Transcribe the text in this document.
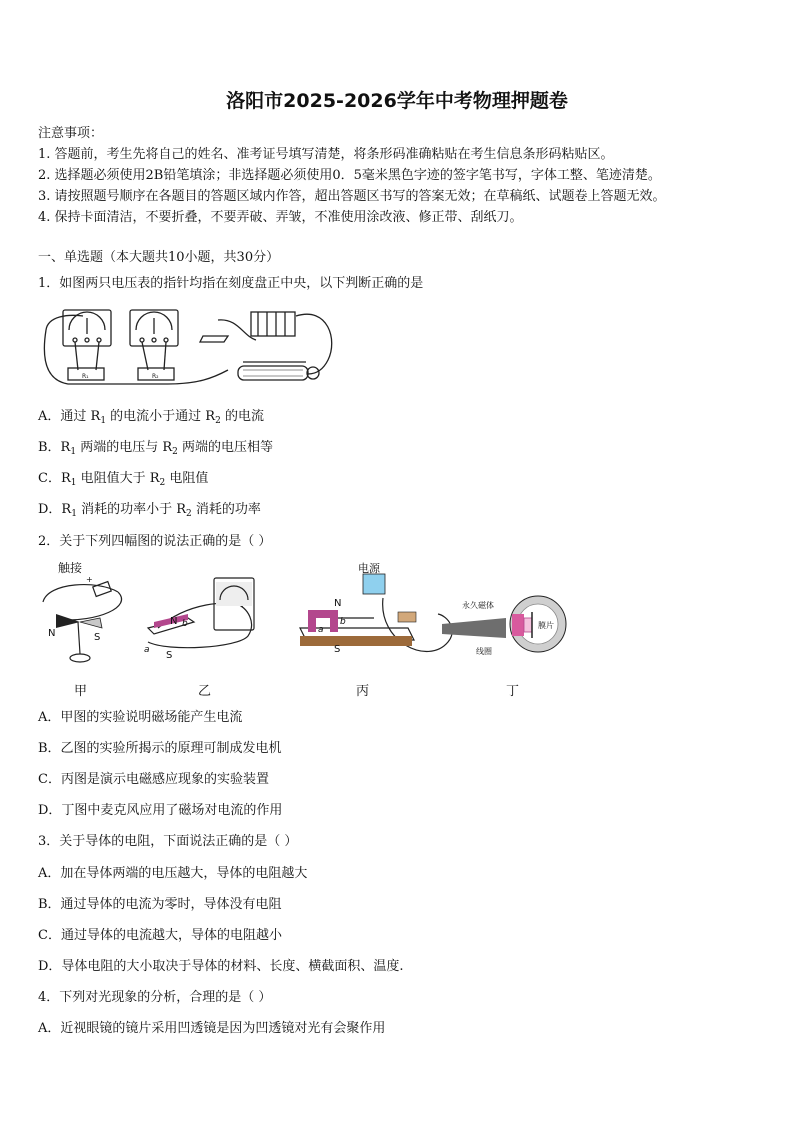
洛阳市2025-2026学年中考物理押题卷
注意事项：
1. 答题前，考生先将自己的姓名、准考证号填写清楚，将条形码准确粘贴在考生信息条形码粘贴区。
2. 选择题必须使用2B铅笔填涂；非选择题必须使用0．5毫米黑色字迹的签字笔书写，字体工整、笔迹清楚。
3. 请按照题号顺序在各题目的答题区域内作答，超出答题区书写的答案无效；在草稿纸、试题卷上答题无效。
4. 保持卡面清洁，不要折叠，不要弄破、弄皱，不准使用涂改液、修正带、刮纸刀。
一、单选题（本大题共10小题，共30分）
1．如图两只电压表的指针均指在刻度盘正中央，以下判断正确的是
R₁	R₂
A．通过 $R_1$ 的电流小于通过 $R_2$ 的电流
B．$R_1$ 两端的电压与 $R_2$ 两端的电压相等
C．$R_1$ 电阻值大于 $R_2$ 电阻值
D．$R_1$ 消耗的功率小于 $R_2$ 消耗的功率
2．关于下列四幅图的说法正确的是（ ）
触接
+
N	S
N
S
a
b
电源
N
S
b
a
永久磁体
膜片
线圈
甲	乙	丙	丁
A．甲图的实验说明磁场能产生电流
B．乙图的实验所揭示的原理可制成发电机
C．丙图是演示电磁感应现象的实验装置
D．丁图中麦克风应用了磁场对电流的作用
3．关于导体的电阻，下面说法正确的是（ ）
A．加在导体两端的电压越大，导体的电阻越大
B．通过导体的电流为零时，导体没有电阻
C．通过导体的电流越大，导体的电阻越小
D．导体电阻的大小取决于导体的材料、长度、横截面积、温度.
4．下列对光现象的分析，合理的是（ ）
A．近视眼镜的镜片采用凹透镜是因为凹透镜对光有会聚作用
